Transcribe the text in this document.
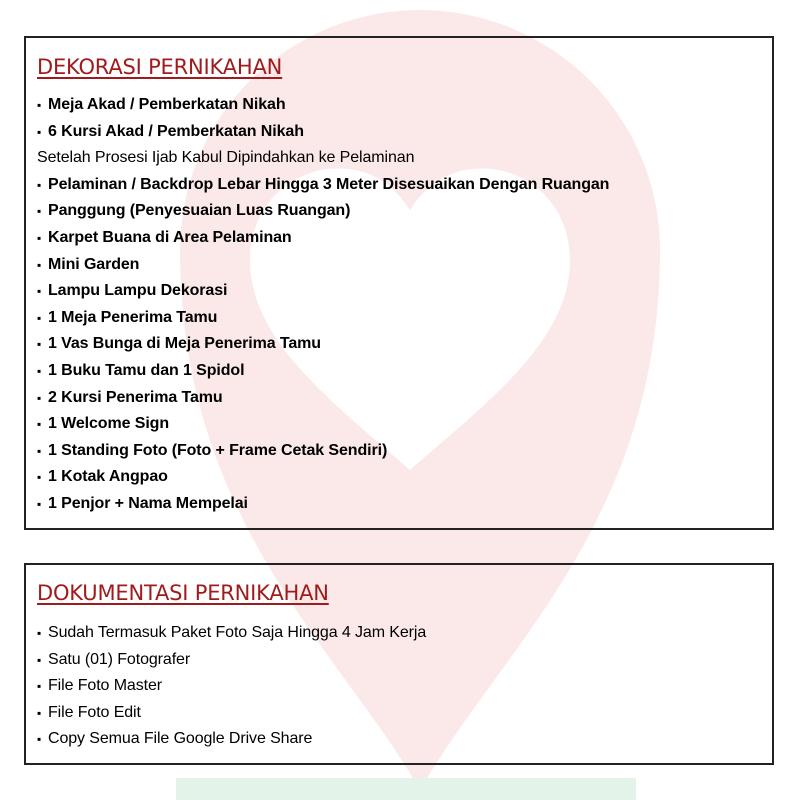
DEKORASI PERNIKAHAN
▪ Meja Akad / Pemberkatan Nikah
▪ 6 Kursi Akad / Pemberkatan Nikah
Setelah Prosesi Ijab Kabul Dipindahkan ke Pelaminan
▪ Pelaminan / Backdrop Lebar Hingga 3 Meter Disesuaikan Dengan Ruangan
▪ Panggung (Penyesuaian Luas Ruangan)
▪ Karpet Buana di Area Pelaminan
▪ Mini Garden
▪ Lampu Lampu Dekorasi
▪ 1 Meja Penerima Tamu
▪ 1 Vas Bunga di Meja Penerima Tamu
▪ 1 Buku Tamu dan 1 Spidol
▪ 2 Kursi Penerima Tamu
▪ 1 Welcome Sign
▪ 1 Standing Foto (Foto + Frame Cetak Sendiri)
▪ 1 Kotak Angpao
▪ 1 Penjor + Nama Mempelai
DOKUMENTASI PERNIKAHAN
▪ Sudah Termasuk Paket Foto Saja Hingga 4 Jam Kerja
▪ Satu (01) Fotografer
▪ File Foto Master
▪ File Foto Edit
▪ Copy Semua File Google Drive Share
